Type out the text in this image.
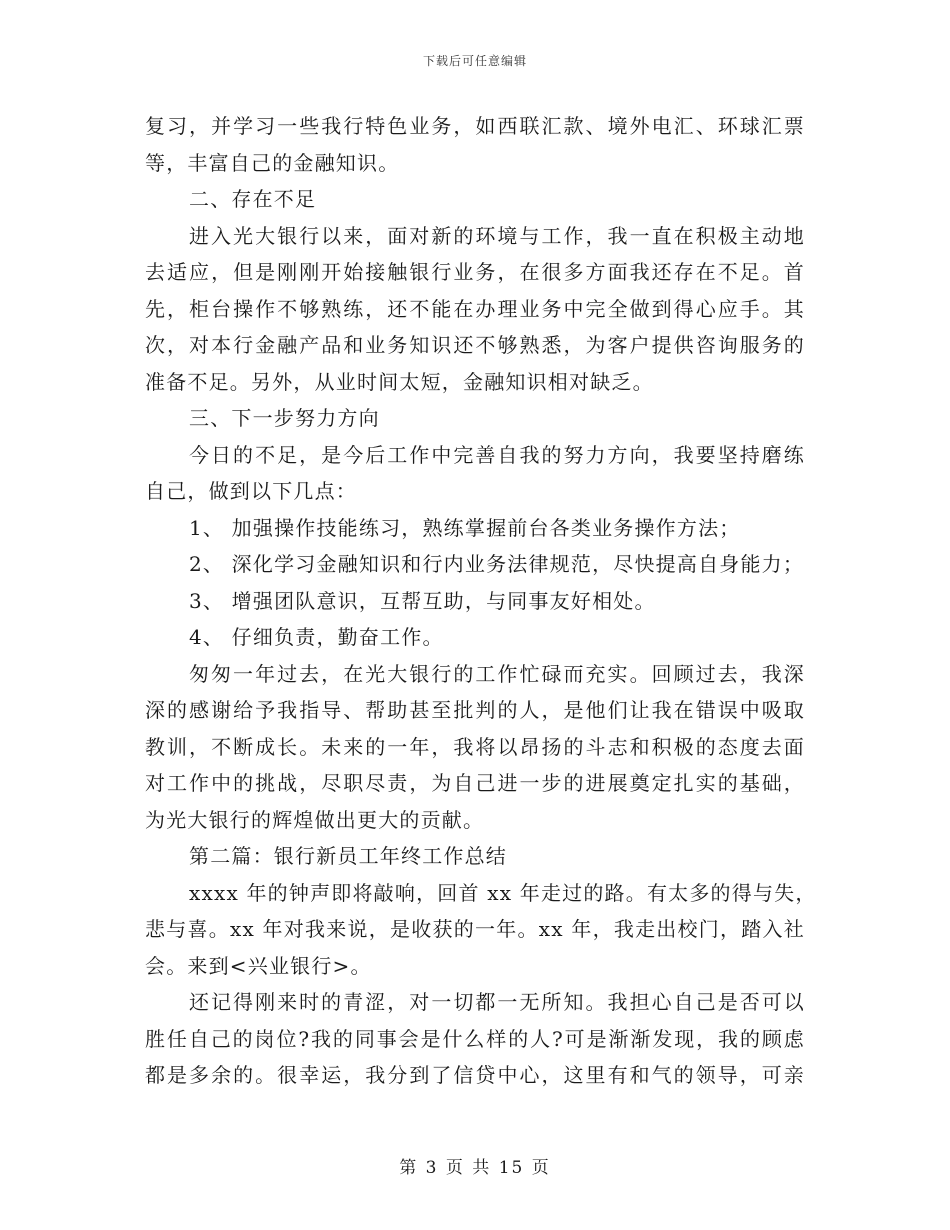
下载后可任意编辑
复习，并学习一些我行特色业务，如西联汇款、境外电汇、环球汇票
等，丰富自己的金融知识。
二、存在不足
进入光大银行以来，面对新的环境与工作，我一直在积极主动地
去适应，但是刚刚开始接触银行业务，在很多方面我还存在不足。首
先，柜台操作不够熟练，还不能在办理业务中完全做到得心应手。其
次，对本行金融产品和业务知识还不够熟悉，为客户提供咨询服务的
准备不足。另外，从业时间太短，金融知识相对缺乏。
三、下一步努力方向
今日的不足，是今后工作中完善自我的努力方向，我要坚持磨练
自己，做到以下几点：
1、 加强操作技能练习，熟练掌握前台各类业务操作方法；
2、 深化学习金融知识和行内业务法律规范，尽快提高自身能力；
3、 增强团队意识，互帮互助，与同事友好相处。
4、 仔细负责，勤奋工作。
匆匆一年过去，在光大银行的工作忙碌而充实。回顾过去，我深
深的感谢给予我指导、帮助甚至批判的人，是他们让我在错误中吸取
教训，不断成长。未来的一年，我将以昂扬的斗志和积极的态度去面
对工作中的挑战，尽职尽责，为自己进一步的进展奠定扎实的基础，
为光大银行的辉煌做出更大的贡献。
第二篇：银行新员工年终工作总结
xxxx 年的钟声即将敲响，回首 xx 年走过的路。有太多的得与失，
悲与喜。xx 年对我来说，是收获的一年。xx 年，我走出校门，踏入社
会。来到<兴业银行>。
还记得刚来时的青涩，对一切都一无所知。我担心自己是否可以
胜任自己的岗位?我的同事会是什么样的人?可是渐渐发现，我的顾虑
都是多余的。很幸运，我分到了信贷中心，这里有和气的领导，可亲
第 3 页 共 15 页
